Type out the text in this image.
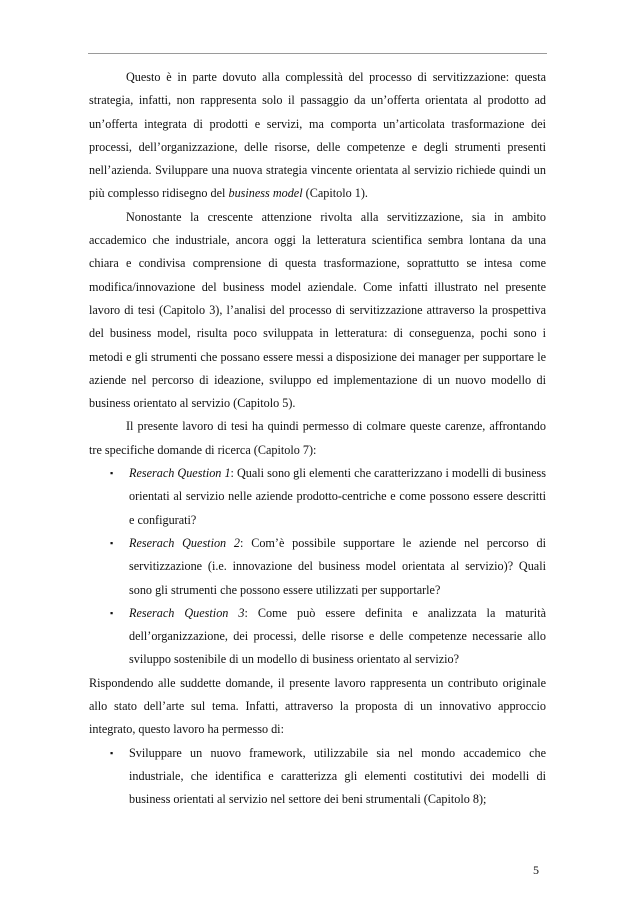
Questo è in parte dovuto alla complessità del processo di servitizzazione: questa strategia, infatti, non rappresenta solo il passaggio da un’offerta orientata al prodotto ad un’offerta integrata di prodotti e servizi, ma comporta un’articolata trasformazione dei processi, dell’organizzazione, delle risorse, delle competenze e degli strumenti presenti nell’azienda. Sviluppare una nuova strategia vincente orientata al servizio richiede quindi un più complesso ridisegno del business model (Capitolo 1).

Nonostante la crescente attenzione rivolta alla servitizzazione, sia in ambito accademico che industriale, ancora oggi la letteratura scientifica sembra lontana da una chiara e condivisa comprensione di questa trasformazione, soprattutto se intesa come modifica/innovazione del business model aziendale. Come infatti illustrato nel presente lavoro di tesi (Capitolo 3), l’analisi del processo di servitizzazione attraverso la prospettiva del business model, risulta poco sviluppata in letteratura: di conseguenza, pochi sono i metodi e gli strumenti che possano essere messi a disposizione dei manager per supportare le aziende nel percorso di ideazione, sviluppo ed implementazione di un nuovo modello di business orientato al servizio (Capitolo 5).

Il presente lavoro di tesi ha quindi permesso di colmare queste carenze, affrontando tre specifiche domande di ricerca (Capitolo 7):

▪ Reserach Question 1: Quali sono gli elementi che caratterizzano i modelli di business orientati al servizio nelle aziende prodotto-centriche e come possono essere descritti e configurati?
▪ Reserach Question 2: Com’è possibile supportare le aziende nel percorso di servitizzazione (i.e. innovazione del business model orientata al servizio)? Quali sono gli strumenti che possono essere utilizzati per supportarle?
▪ Reserach Question 3: Come può essere definita e analizzata la maturità dell’organizzazione, dei processi, delle risorse e delle competenze necessarie allo sviluppo sostenibile di un modello di business orientato al servizio?

Rispondendo alle suddette domande, il presente lavoro rappresenta un contributo originale allo stato dell’arte sul tema. Infatti, attraverso la proposta di un innovativo approccio integrato, questo lavoro ha permesso di:

▪ Sviluppare un nuovo framework, utilizzabile sia nel mondo accademico che industriale, che identifica e caratterizza gli elementi costitutivi dei modelli di business orientati al servizio nel settore dei beni strumentali (Capitolo 8);
5
